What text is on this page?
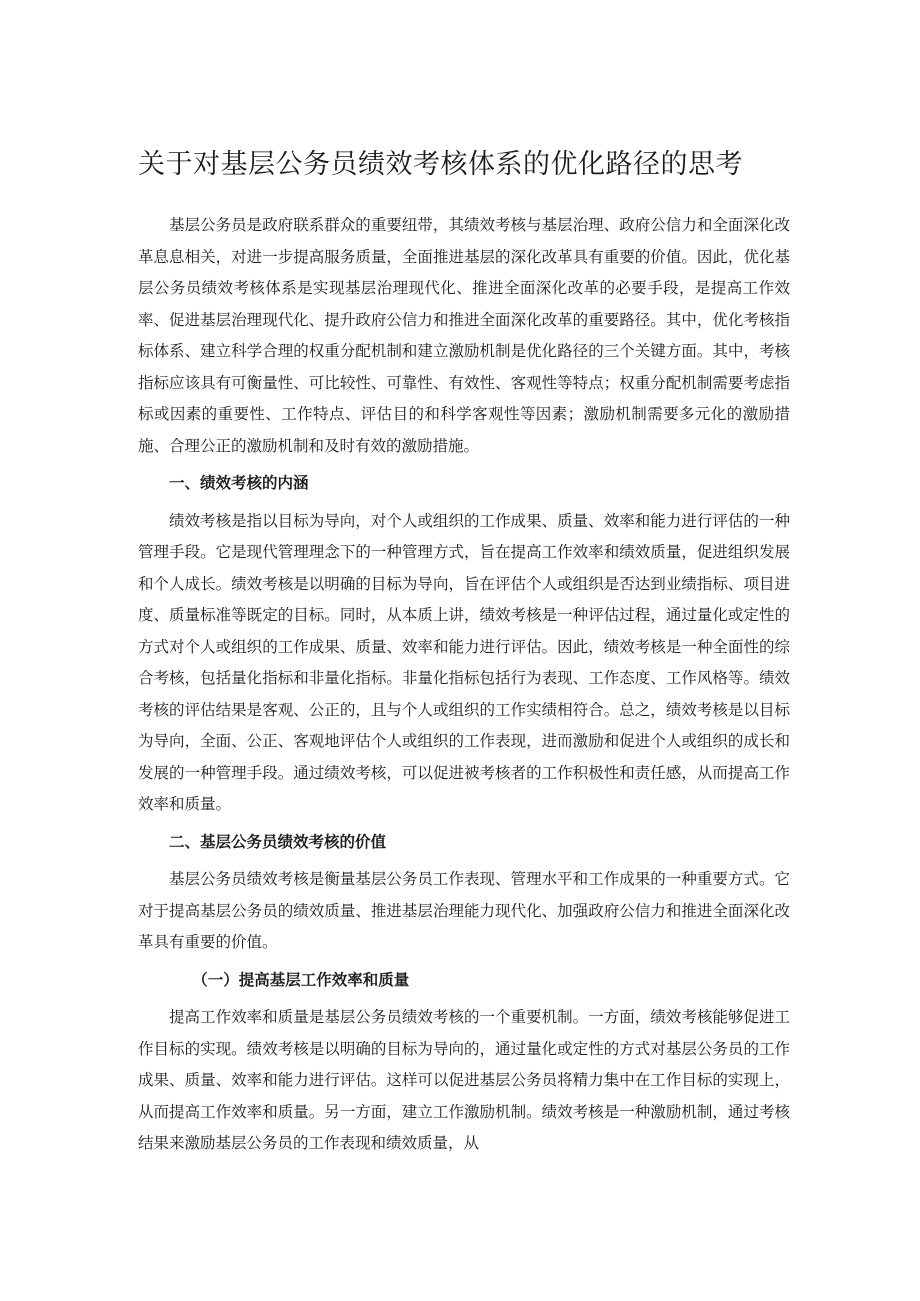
关于对基层公务员绩效考核体系的优化路径的思考

基层公务员是政府联系群众的重要纽带，其绩效考核与基层治理、政府公信力和全面深化改革息息相关，对进一步提高服务质量，全面推进基层的深化改革具有重要的价值。因此，优化基层公务员绩效考核体系是实现基层治理现代化、推进全面深化改革的必要手段，是提高工作效率、促进基层治理现代化、提升政府公信力和推进全面深化改革的重要路径。其中，优化考核指标体系、建立科学合理的权重分配机制和建立激励机制是优化路径的三个关键方面。其中，考核指标应该具有可衡量性、可比较性、可靠性、有效性、客观性等特点；权重分配机制需要考虑指标或因素的重要性、工作特点、评估目的和科学客观性等因素；激励机制需要多元化的激励措施、合理公正的激励机制和及时有效的激励措施。

一、绩效考核的内涵

绩效考核是指以目标为导向，对个人或组织的工作成果、质量、效率和能力进行评估的一种管理手段。它是现代管理理念下的一种管理方式，旨在提高工作效率和绩效质量，促进组织发展和个人成长。绩效考核是以明确的目标为导向，旨在评估个人或组织是否达到业绩指标、项目进度、质量标准等既定的目标。同时，从本质上讲，绩效考核是一种评估过程，通过量化或定性的方式对个人或组织的工作成果、质量、效率和能力进行评估。因此，绩效考核是一种全面性的综合考核，包括量化指标和非量化指标。非量化指标包括行为表现、工作态度、工作风格等。绩效考核的评估结果是客观、公正的，且与个人或组织的工作实绩相符合。总之，绩效考核是以目标为导向，全面、公正、客观地评估个人或组织的工作表现，进而激励和促进个人或组织的成长和发展的一种管理手段。通过绩效考核，可以促进被考核者的工作积极性和责任感，从而提高工作效率和质量。

二、基层公务员绩效考核的价值

基层公务员绩效考核是衡量基层公务员工作表现、管理水平和工作成果的一种重要方式。它对于提高基层公务员的绩效质量、推进基层治理能力现代化、加强政府公信力和推进全面深化改革具有重要的价值。

（一）提高基层工作效率和质量

提高工作效率和质量是基层公务员绩效考核的一个重要机制。一方面，绩效考核能够促进工作目标的实现。绩效考核是以明确的目标为导向的，通过量化或定性的方式对基层公务员的工作成果、质量、效率和能力进行评估。这样可以促进基层公务员将精力集中在工作目标的实现上，从而提高工作效率和质量。另一方面，建立工作激励机制。绩效考核是一种激励机制，通过考核结果来激励基层公务员的工作表现和绩效质量，从
